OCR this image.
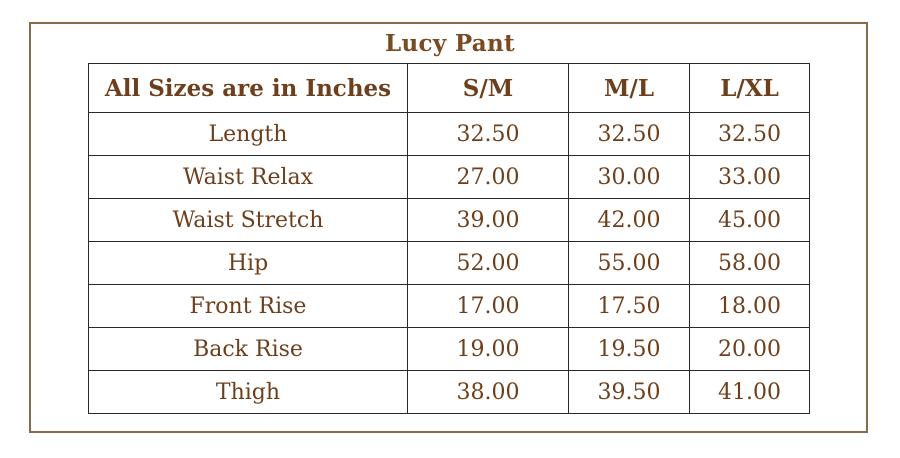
Lucy Pant
All Sizes are in Inches	S/M	M/L	L/XL
Length	32.50	32.50	32.50
Waist Relax	27.00	30.00	33.00
Waist Stretch	39.00	42.00	45.00
Hip	52.00	55.00	58.00
Front Rise	17.00	17.50	18.00
Back Rise	19.00	19.50	20.00
Thigh	38.00	39.50	41.00
